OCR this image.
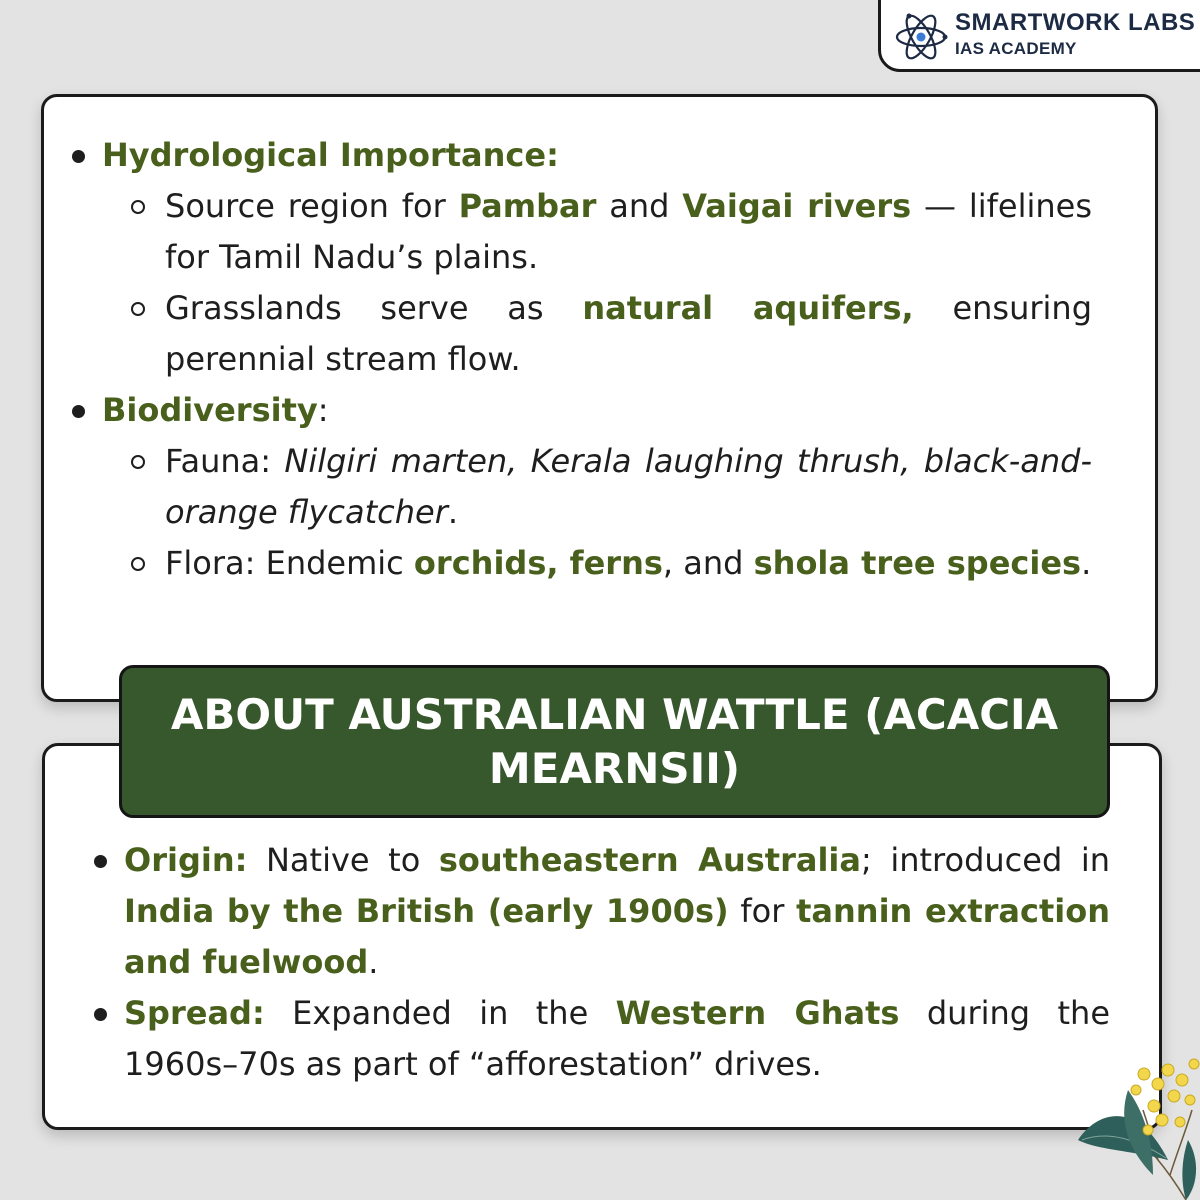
SMARTWORK LABS
IAS ACADEMY
Hydrological Importance:
Source region for Pambar and Vaigai rivers — lifelines for Tamil Nadu’s plains.
Grasslands serve as natural aquifers, ensuring perennial stream flow.
Biodiversity:
Fauna: Nilgiri marten, Kerala laughing thrush, black-and-orange flycatcher.
Flora: Endemic orchids, ferns, and shola tree species.
ABOUT AUSTRALIAN WATTLE (ACACIA MEARNSII)
Origin: Native to southeastern Australia; introduced in India by the British (early 1900s) for tannin extraction and fuelwood.
Spread: Expanded in the Western Ghats during the 1960s–70s as part of “afforestation” drives.
